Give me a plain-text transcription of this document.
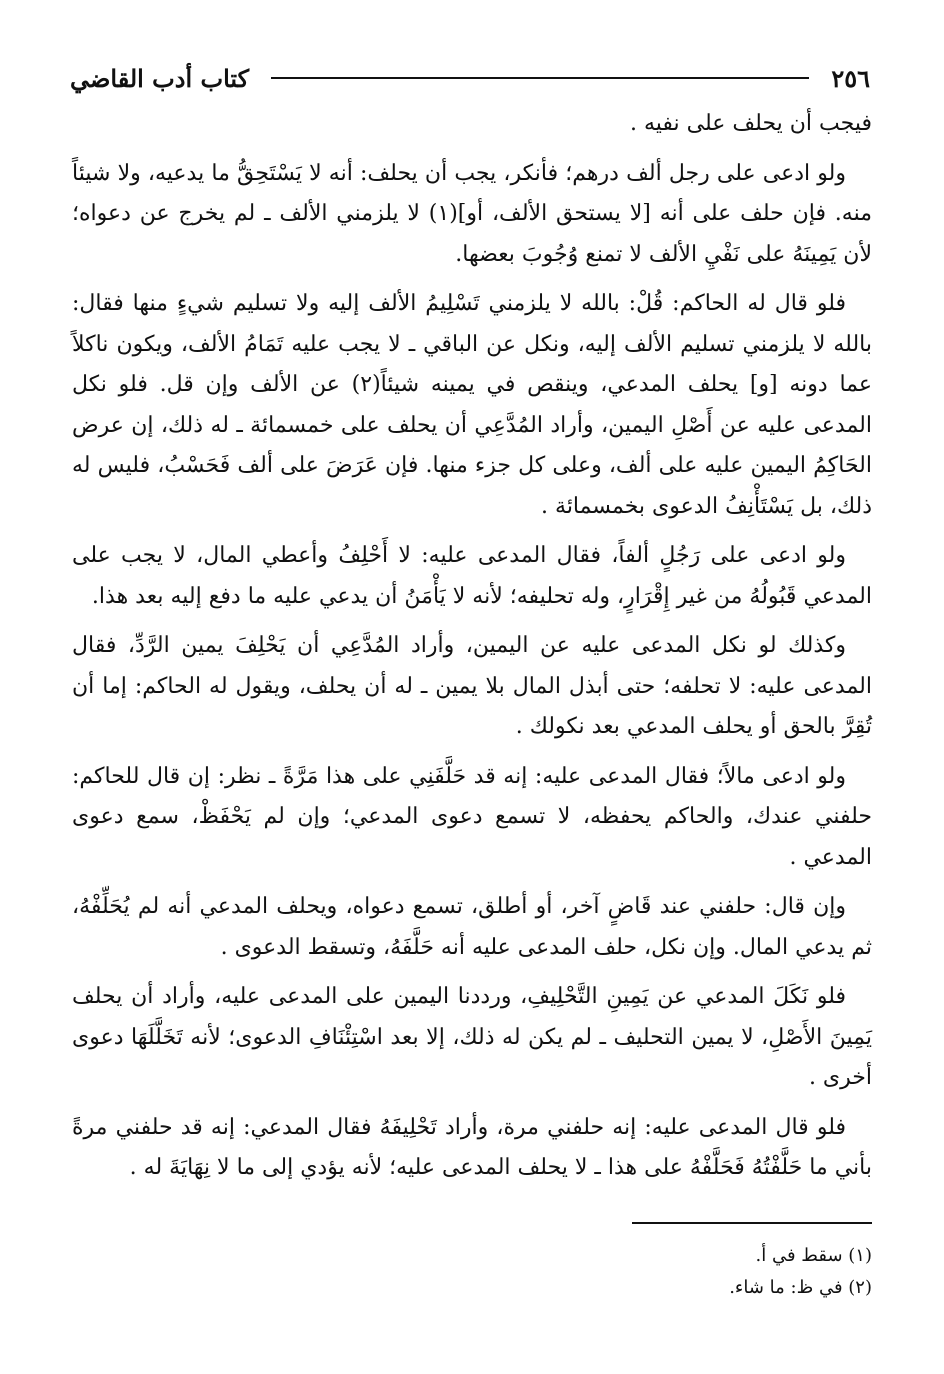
٢٥٦
كتاب أدب القاضي

فيجب أن يحلف على نفيه .

ولو ادعى على رجل ألف درهم؛ فأنكر، يجب أن يحلف: أنه لا يَسْتَحِقُّ ما يدعيه، ولا شيئاً منه. فإن حلف على أنه [لا يستحق الألف، أو](١) لا يلزمني الألف ـ لم يخرج عن دعواه؛ لأن يَمِينَهُ على نَفْيِ الألف لا تمنع وُجُوبَ بعضها.

فلو قال له الحاكم: قُلْ: بالله لا يلزمني تَسْلِيمُ الألف إليه ولا تسليم شيءٍ منها فقال: بالله لا يلزمني تسليم الألف إليه، ونكل عن الباقي ـ لا يجب عليه تَمَامُ الألف، ويكون ناكلاً عما دونه [و] يحلف المدعي، وينقص في يمينه شيئاً(٢) عن الألف وإن قل. فلو نكل المدعى عليه عن أَصْلِ اليمين، وأراد المُدَّعِي أن يحلف على خمسمائة ـ له ذلك، إن عرض الحَاكِمُ اليمين عليه على ألف، وعلى كل جزء منها. فإن عَرَضَ على ألف فَحَسْبُ، فليس له ذلك، بل يَسْتَأْنِفُ الدعوى بخمسمائة .

ولو ادعى على رَجُلٍ ألفاً، فقال المدعى عليه: لا أَحْلِفُ وأعطي المال، لا يجب على المدعي قَبُولُهُ من غير إِقْرَارٍ، وله تحليفه؛ لأنه لا يَأْمَنُ أن يدعي عليه ما دفع إليه بعد هذا.

وكذلك لو نكل المدعى عليه عن اليمين، وأراد المُدَّعِي أن يَحْلِفَ يمين الرَّدِّ، فقال المدعى عليه: لا تحلفه؛ حتى أبذل المال بلا يمين ـ له أن يحلف، ويقول له الحاكم: إما أن تُقِرَّ بالحق أو يحلف المدعي بعد نكولك .

ولو ادعى مالاً؛ فقال المدعى عليه: إنه قد حَلَّفَنِي على هذا مَرَّةً ـ نظر: إن قال للحاكم: حلفني عندك، والحاكم يحفظه، لا تسمع دعوى المدعي؛ وإن لم يَحْفَظْ، سمع دعوى المدعي .

وإن قال: حلفني عند قَاضٍ آخر، أو أطلق، تسمع دعواه، ويحلف المدعي أنه لم يُحَلِّفْهُ، ثم يدعي المال. وإن نكل، حلف المدعى عليه أنه حَلَّفَهُ، وتسقط الدعوى .

فلو نَكَلَ المدعي عن يَمِينِ التَّحْلِيفِ، ورددنا اليمين على المدعى عليه، وأراد أن يحلف يَمِينَ الأَصْلِ، لا يمين التحليف ـ لم يكن له ذلك، إلا بعد اسْتِئْنَافِ الدعوى؛ لأنه تَخَلَّلَهَا دعوى أخرى .

فلو قال المدعى عليه: إنه حلفني مرة، وأراد تَحْلِيفَهُ فقال المدعي: إنه قد حلفني مرةً بأني ما حَلَّفْتُهُ فَحَلَّفْهُ على هذا ـ لا يحلف المدعى عليه؛ لأنه يؤدي إلى ما لا نِهَايَةَ له .

(١) سقط في أ.
(٢) في ظ: ما شاء.
